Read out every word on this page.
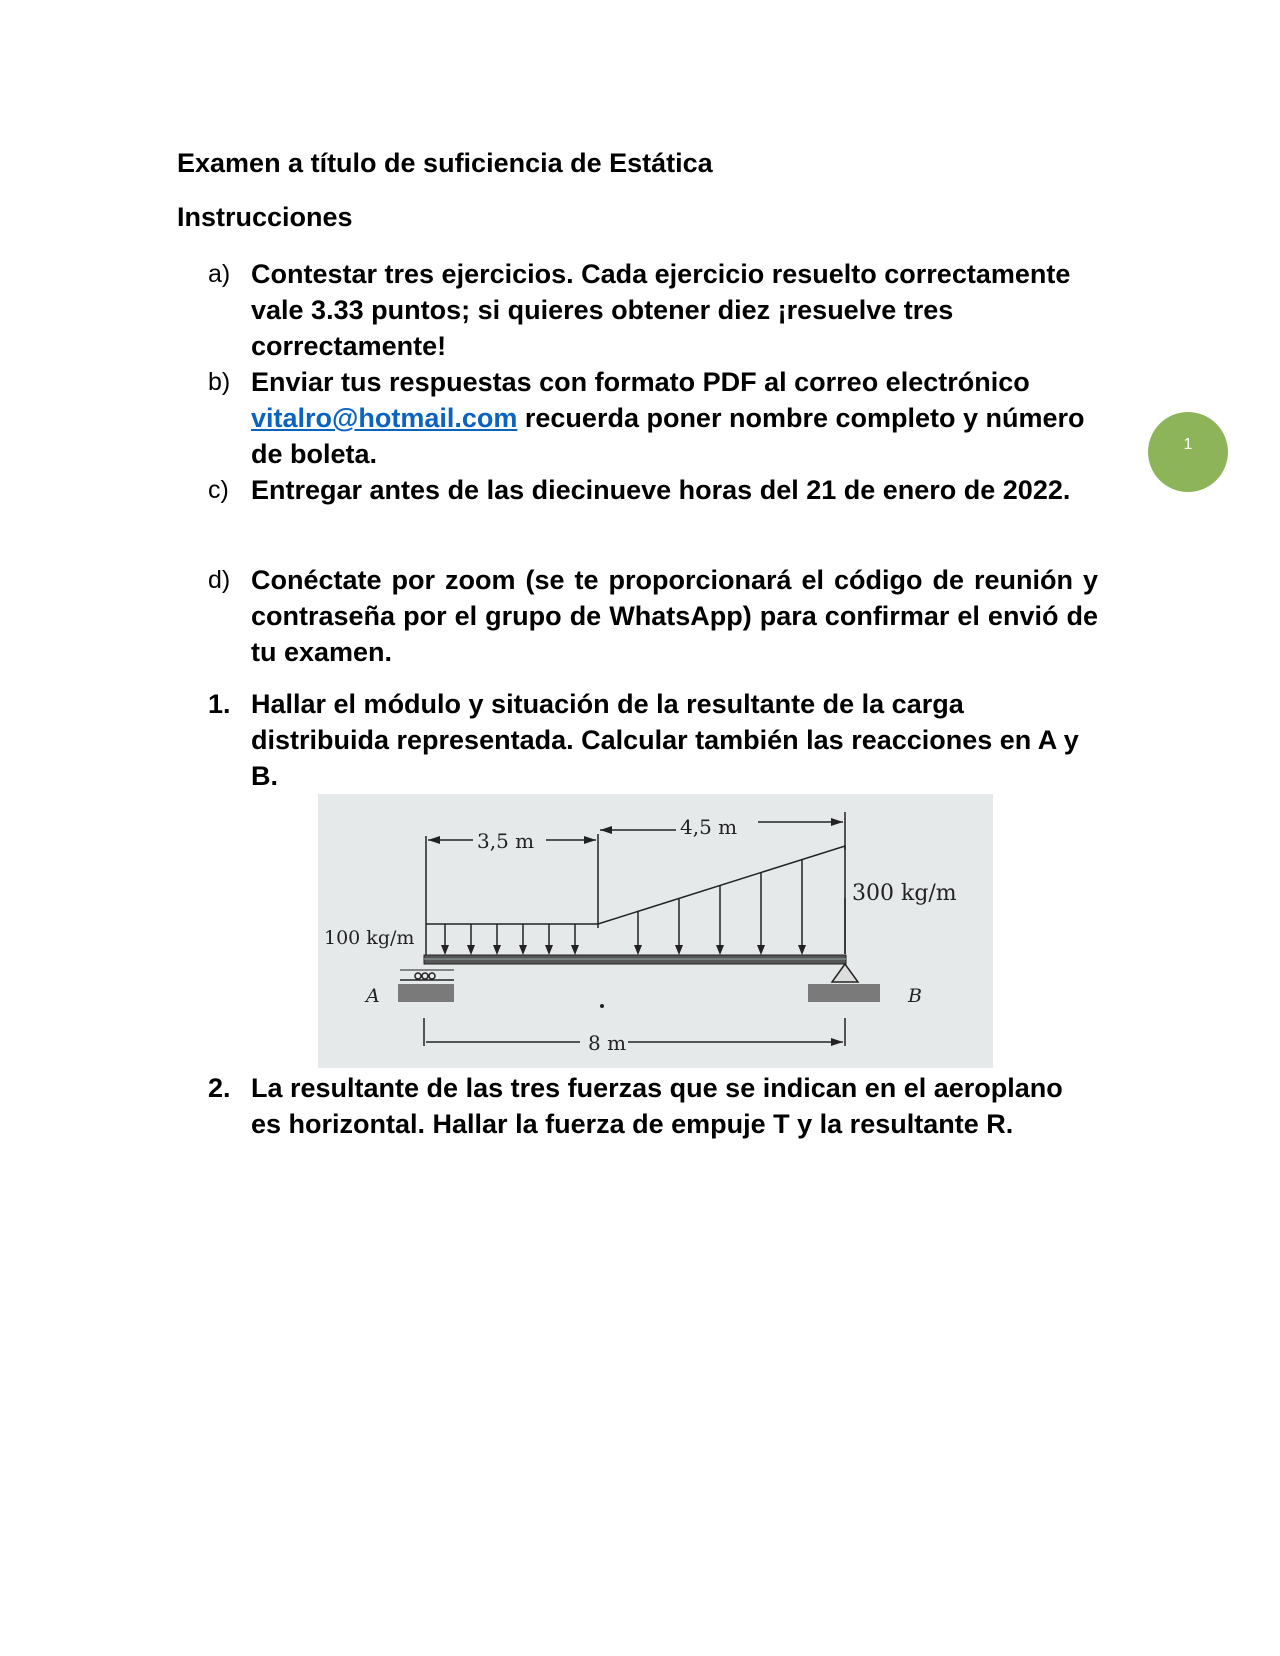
Examen a título de suficiencia de Estática
Instrucciones
a) Contestar tres ejercicios. Cada ejercicio resuelto correctamente vale 3.33 puntos; si quieres obtener diez ¡resuelve tres correctamente!
b) Enviar tus respuestas con formato PDF al correo electrónico vitalro@hotmail.com recuerda poner nombre completo y número de boleta.
c) Entregar antes de las diecinueve horas del 21 de enero de 2022.
d) Conéctate por zoom (se te proporcionará el código de reunión y contraseña por el grupo de WhatsApp) para confirmar el envió de tu examen.
1. Hallar el módulo y situación de la resultante de la carga distribuida representada. Calcular también las reacciones en A y B.
3,5 m
4,5 m
A	B
100 kg/m
300 kg/m
8 m
2. La resultante de las tres fuerzas que se indican en el aeroplano es horizontal. Hallar la fuerza de empuje T y la resultante R.
1
